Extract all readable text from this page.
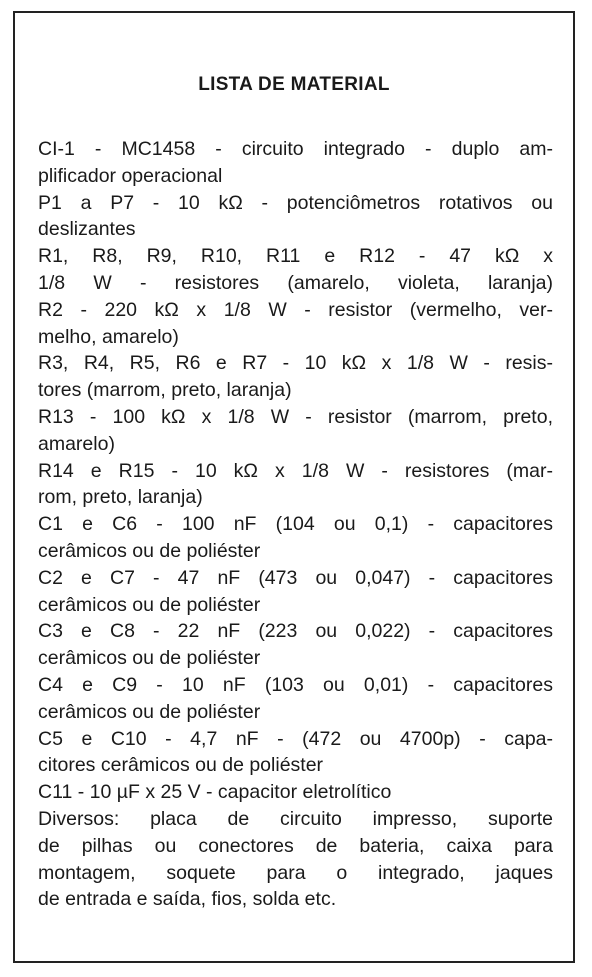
LISTA DE MATERIAL
CI-1 - MC1458 - circuito integrado - duplo am-
plificador operacional
P1 a P7 - 10 kΩ - potenciômetros rotativos ou
deslizantes
R1, R8, R9, R10, R11 e R12 - 47 kΩ x
1/8 W - resistores (amarelo, violeta, laranja)
R2 - 220 kΩ x 1/8 W - resistor (vermelho, ver-
melho, amarelo)
R3, R4, R5, R6 e R7 - 10 kΩ x 1/8 W - resis-
tores (marrom, preto, laranja)
R13 - 100 kΩ x 1/8 W - resistor (marrom, preto,
amarelo)
R14 e R15 - 10 kΩ x 1/8 W - resistores (mar-
rom, preto, laranja)
C1 e C6 - 100 nF (104 ou 0,1) - capacitores
cerâmicos ou de poliéster
C2 e C7 - 47 nF (473 ou 0,047) - capacitores
cerâmicos ou de poliéster
C3 e C8 - 22 nF (223 ou 0,022) - capacitores
cerâmicos ou de poliéster
C4 e C9 - 10 nF (103 ou 0,01) - capacitores
cerâmicos ou de poliéster
C5 e C10 - 4,7 nF - (472 ou 4700p) - capa-
citores cerâmicos ou de poliéster
C11 - 10 µF x 25 V - capacitor eletrolítico
Diversos: placa de circuito impresso, suporte
de pilhas ou conectores de bateria, caixa para
montagem, soquete para o integrado, jaques
de entrada e saída, fios, solda etc.
